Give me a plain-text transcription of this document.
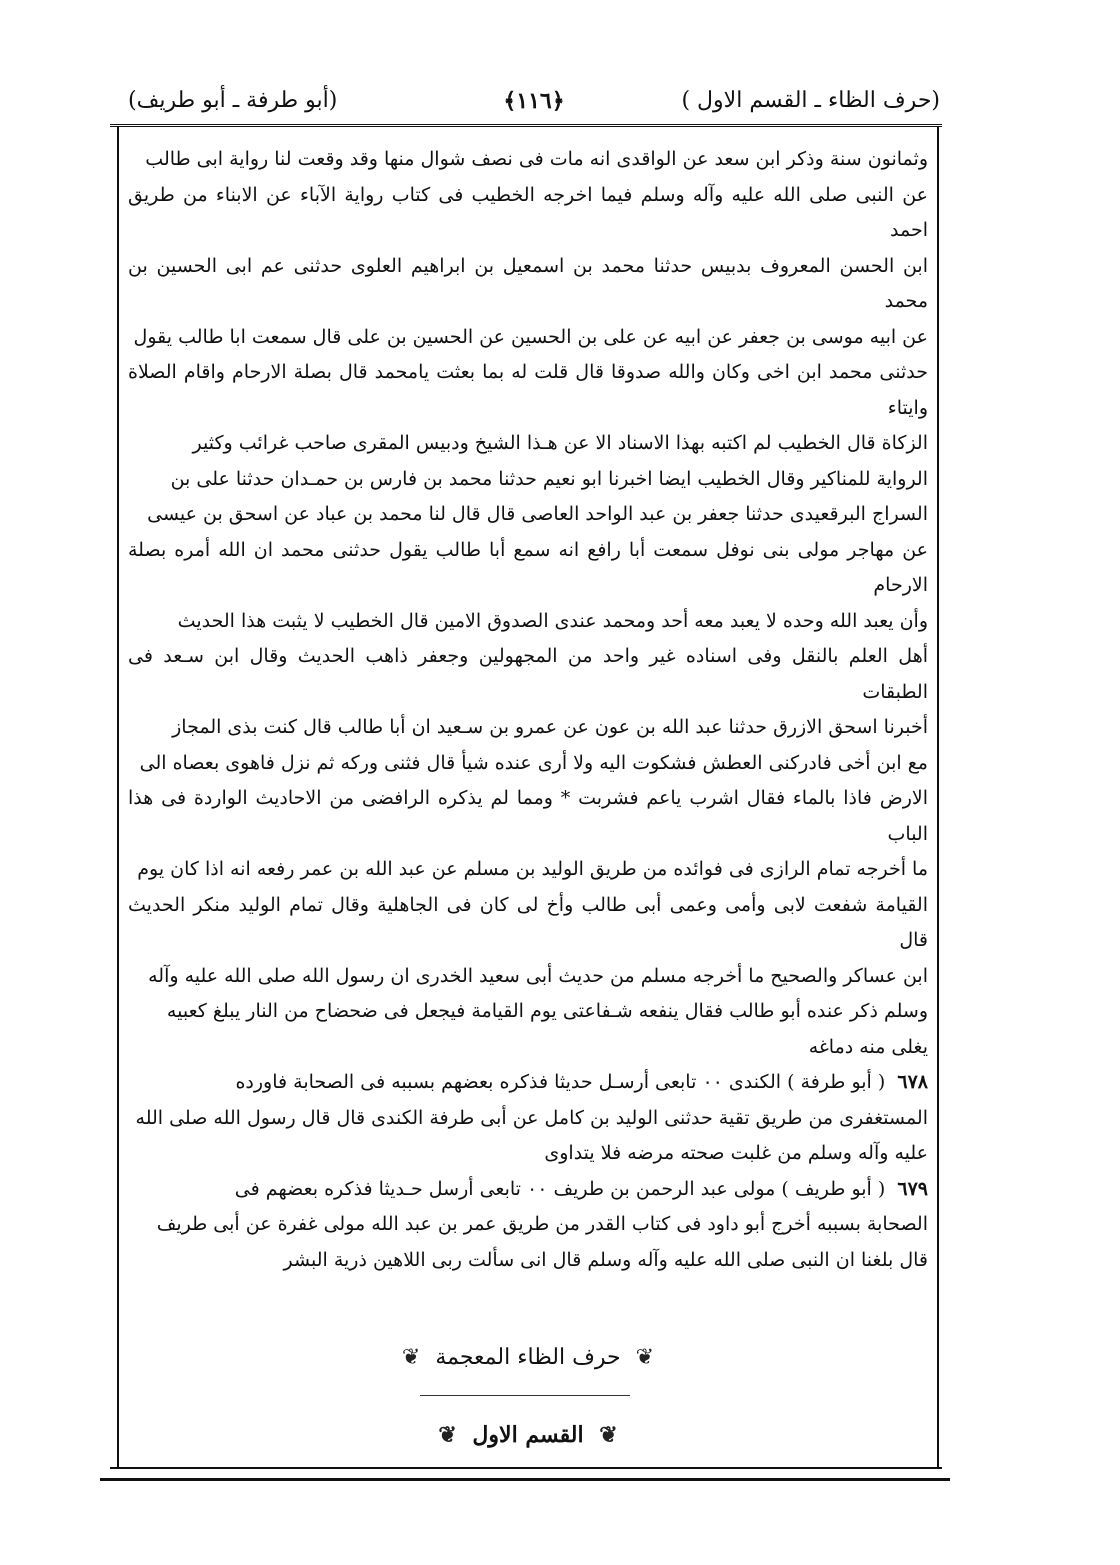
(حرف الظاء ـ القسم الاول )
﴿١١٦﴾
(أبو طرفة ـ أبو طريف)

وثمانون سنة وذكر ابن سعد عن الواقدى انه مات فى نصف شوال منها وقد وقعت لنا رواية ابى طالب
عن النبى صلى الله عليه وآله وسلم فيما اخرجه الخطيب فى كتاب رواية الآباء عن الابناء من طريق احمد
ابن الحسن المعروف بدبيس حدثنا محمد بن اسمعيل بن ابراهيم العلوى حدثنى عم ابى الحسين بن محمد
عن ابيه موسى بن جعفر عن ابيه عن على بن الحسين عن الحسين بن على قال سمعت ابا طالب يقول
حدثنى محمد ابن اخى وكان والله صدوقا قال قلت له بما بعثت يامحمد قال بصلة الارحام واقام الصلاة وايتاء
الزكاة قال الخطيب لم اكتبه بهذا الاسناد الا عن هـذا الشيخ ودبيس المقرى صاحب غرائب وكثير
الرواية للمناكير وقال الخطيب ايضا اخبرنا ابو نعيم حدثنا محمد بن فارس بن حمـدان حدثنا على بن
السراج البرقعيدى حدثنا جعفر بن عبد الواحد العاصى قال قال لنا محمد بن عباد عن اسحق بن عيسى
عن مهاجر مولى بنى نوفل سمعت أبا رافع انه سمع أبا طالب يقول حدثنى محمد ان الله أمره بصلة الارحام
وأن يعبد الله وحده لا يعبد معه أحد ومحمد عندى الصدوق الامين قال الخطيب لا يثبت هذا الحديث
أهل العلم بالنقل وفى اسناده غير واحد من المجهولين وجعفر ذاهب الحديث وقال ابن سـعد فى الطبقات
أخبرنا اسحق الازرق حدثنا عبد الله بن عون عن عمرو بن سـعيد ان أبا طالب قال كنت بذى المجاز
مع ابن أخى فادركنى العطش فشكوت اليه ولا أرى عنده شيأ قال فثنى وركه ثم نزل فاهوى بعصاه الى
الارض فاذا بالماء فقال اشرب ياعم فشربت * ومما لم يذكره الرافضى من الاحاديث الواردة فى هذا الباب
ما أخرجه تمام الرازى فى فوائده من طريق الوليد بن مسلم عن عبد الله بن عمر رفعه انه اذا كان يوم
القيامة شفعت لابى وأمى وعمى أبى طالب وأخ لى كان فى الجاهلية وقال تمام الوليد منكر الحديث قال
ابن عساكر والصحيح ما أخرجه مسلم من حديث أبى سعيد الخدرى ان رسول الله صلى الله عليه وآله
وسلم ذكر عنده أبو طالب فقال ينفعه شـفاعتى يوم القيامة فيجعل فى ضحضاح من النار يبلغ كعبيه
يغلى منه دماغه

٦٧٨  ( أبو طرفة ) الكندى ٠٠ تابعى أرسـل حديثا فذكره بعضهم بسببه فى الصحابة فاورده
المستغفرى من طريق تقية حدثنى الوليد بن كامل عن أبى طرفة الكندى قال قال رسول الله صلى الله
عليه وآله وسلم من غلبت صحته مرضه فلا يتداوى

٦٧٩  ( أبو طريف ) مولى عبد الرحمن بن طريف ٠٠ تابعى أرسل حـديثا فذكره بعضهم فى
الصحابة بسببه أخرج أبو داود فى كتاب القدر من طريق عمر بن عبد الله مولى غفرة عن أبى طريف
قال بلغنا ان النبى صلى الله عليه وآله وسلم قال انى سألت ربى اللاهين ذرية البشر

❦ حرف الظاء المعجمة ❦
❦ القسم الاول ❦
